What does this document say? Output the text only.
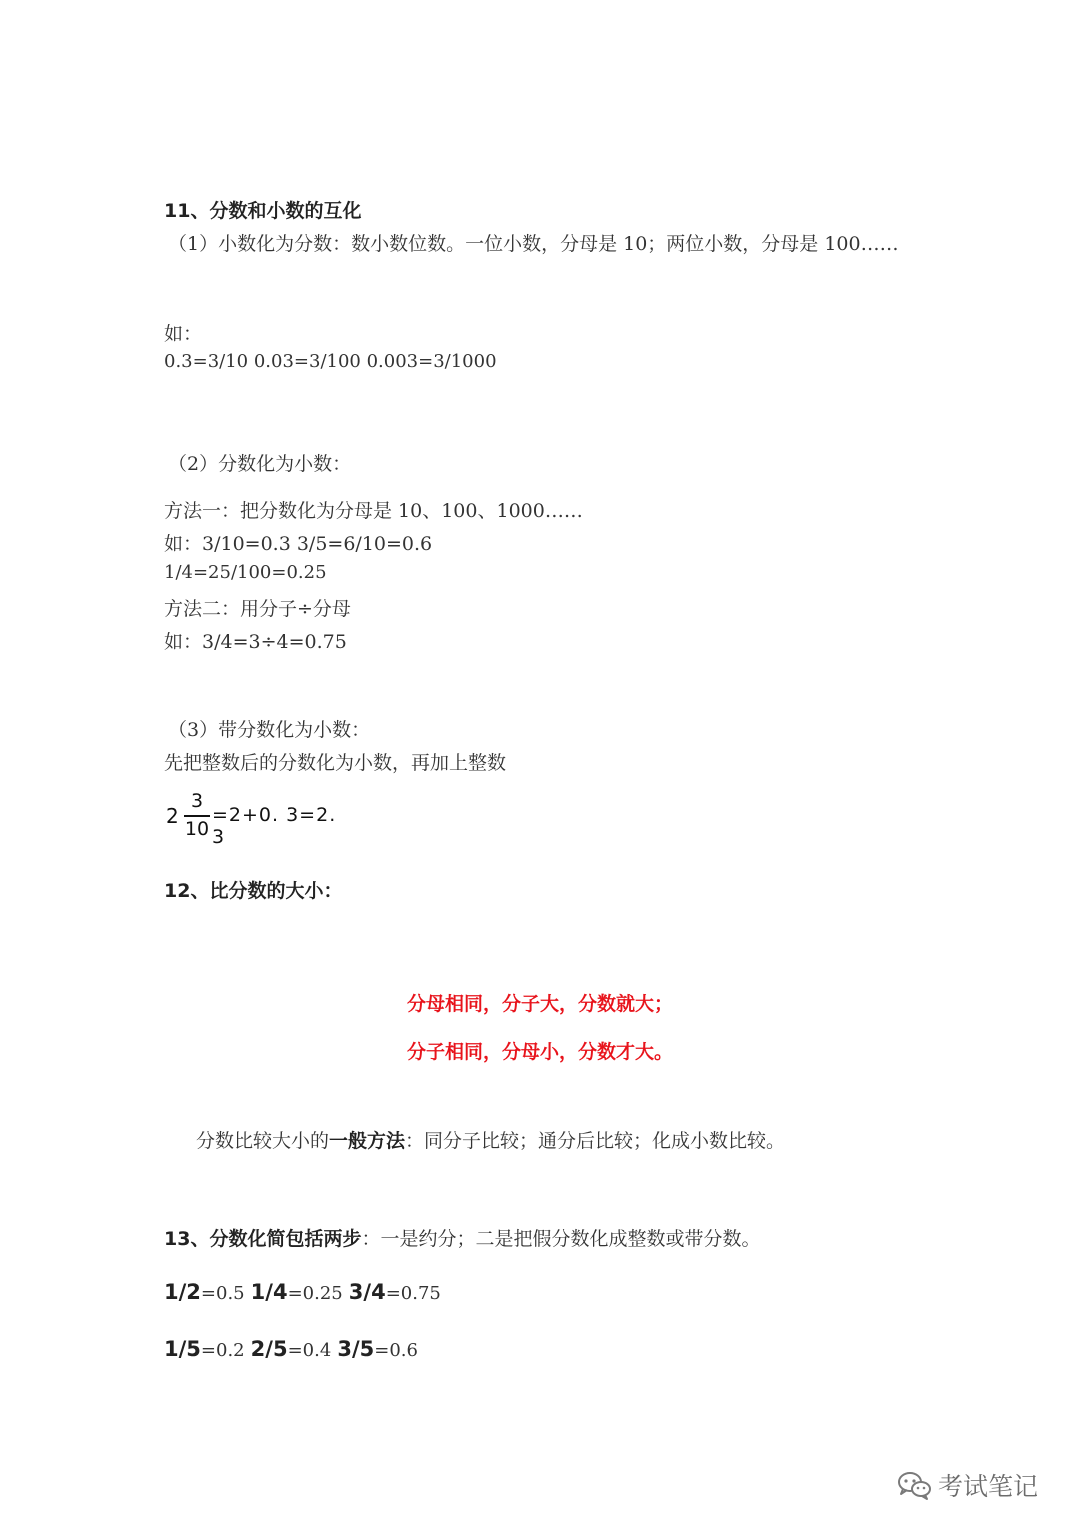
11、分数和小数的互化
（1）小数化为分数：数小数位数。一位小数，分母是 10；两位小数，分母是 100……
如：
0.3=3/10 0.03=3/100 0.003=3/1000
（2）分数化为小数：
方法一：把分数化为分母是 10、100、1000……
如：3/10=0.3 3/5=6/10=0.6
1/4=25/100=0.25
方法二：用分子÷分母
如：3/4=3÷4=0.75
（3）带分数化为小数：
先把整数后的分数化为小数，再加上整数
2
3
10
=2+0. 3=2. 3
12、比分数的大小：
分母相同，分子大，分数就大；
分子相同，分母小，分数才大。
分数比较大小的一般方法：同分子比较；通分后比较；化成小数比较。
13、分数化简包括两步：一是约分；二是把假分数化成整数或带分数。
1/2=0.5 1/4=0.25 3/4=0.75
1/5=0.2 2/5=0.4 3/5=0.6
考试笔记
